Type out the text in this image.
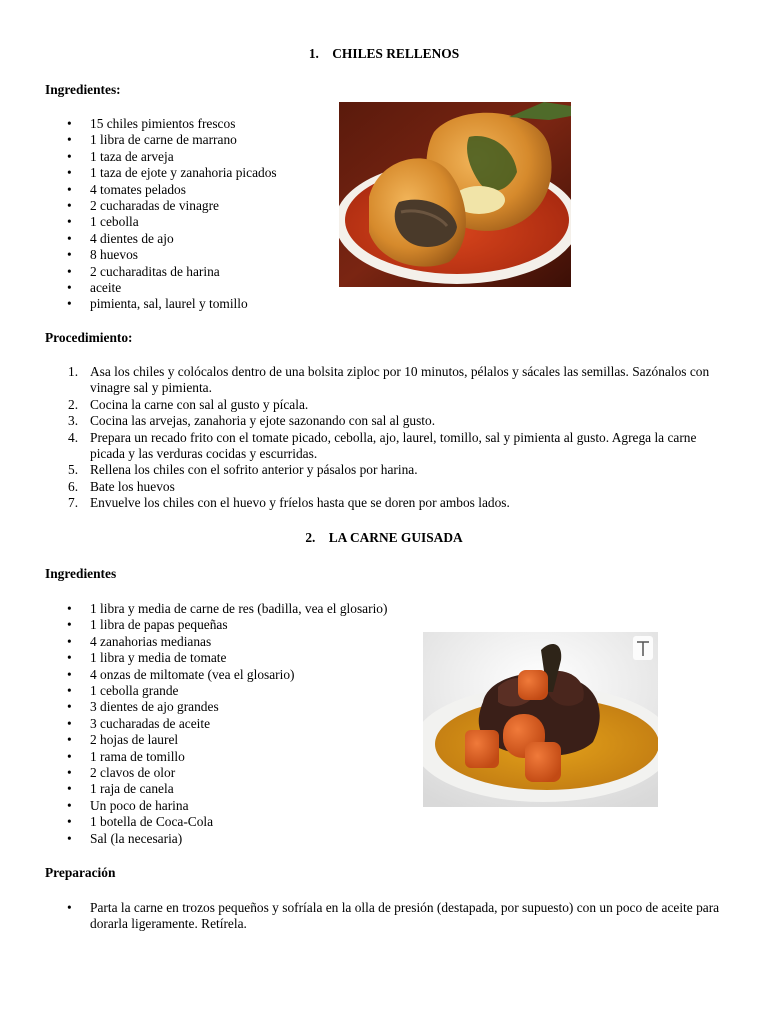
1. CHILES RELLENOS
Ingredientes:
• 15 chiles pimientos frescos
• 1 libra de carne de marrano
• 1 taza de arveja
• 1 taza de ejote y zanahoria picados
• 4 tomates pelados
• 2 cucharadas de vinagre
• 1 cebolla
• 4 dientes de ajo
• 8 huevos
• 2 cucharaditas de harina
• aceite
• pimienta, sal, laurel y tomillo
Procedimiento:
1. Asa los chiles y colócalos dentro de una bolsita ziploc por 10 minutos, pélalos y sácales las semillas. Sazónalos con vinagre sal y pimienta.
2. Cocina la carne con sal al gusto y pícala.
3. Cocina las arvejas, zanahoria y ejote sazonando con sal al gusto.
4. Prepara un recado frito con el tomate picado, cebolla, ajo, laurel, tomillo, sal y pimienta al gusto. Agrega la carne picada y las verduras cocidas y escurridas.
5. Rellena los chiles con el sofrito anterior y pásalos por harina.
6. Bate los huevos
7. Envuelve los chiles con el huevo y fríelos hasta que se doren por ambos lados.
2. LA CARNE GUISADA
Ingredientes
• 1 libra y media de carne de res (badilla, vea el glosario)
• 1 libra de papas pequeñas
• 4 zanahorias medianas
• 1 libra y media de tomate
• 4 onzas de miltomate (vea el glosario)
• 1 cebolla grande
• 3 dientes de ajo grandes
• 3 cucharadas de aceite
• 2 hojas de laurel
• 1 rama de tomillo
• 2 clavos de olor
• 1 raja de canela
• Un poco de harina
• 1 botella de Coca-Cola
• Sal (la necesaria)
Preparación
• Parta la carne en trozos pequeños y sofríala en la olla de presión (destapada, por supuesto) con un poco de aceite para dorarla ligeramente. Retírela.
